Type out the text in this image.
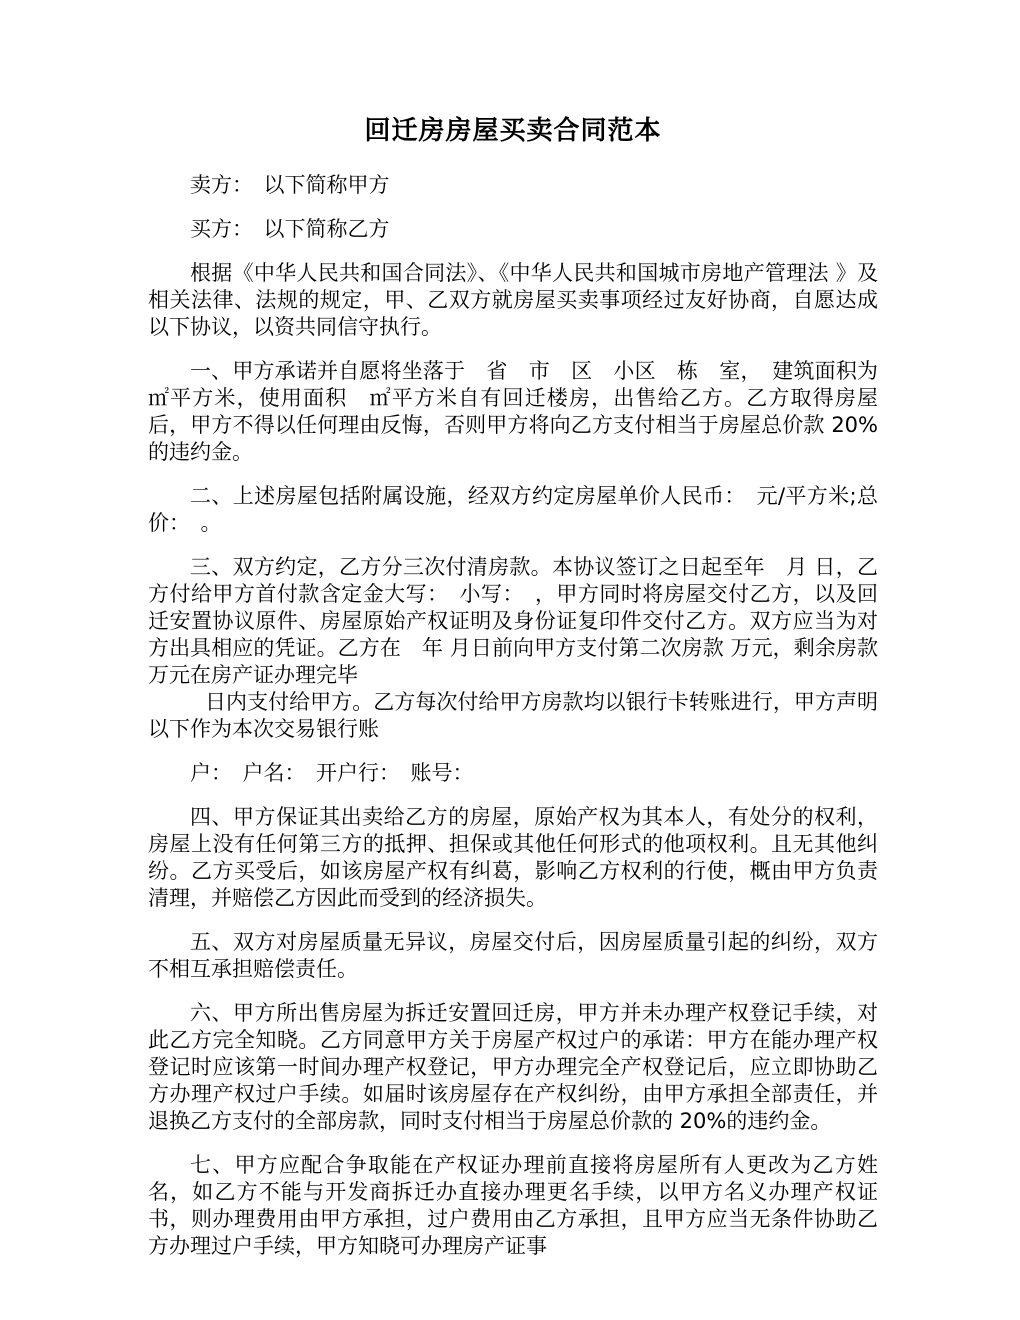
回迁房房屋买卖合同范本

卖方：　以下简称甲方

买方：　以下简称乙方

根据《中华人民共和国合同法》、《中华人民共和国城市房地产管理法 》及相关法律、法规的规定，甲、乙双方就房屋买卖事项经过友好协商，自愿达成以下协议，以资共同信守执行。

一、甲方承诺并自愿将坐落于　省　市　区　小区　栋　室，　建筑面积为　㎡平方米，使用面积　㎡平方米自有回迁楼房，出售给乙方。乙方取得房屋后，甲方不得以任何理由反悔，否则甲方将向乙方支付相当于房屋总价款 20%的违约金。

二、上述房屋包括附属设施，经双方约定房屋单价人民币：　元/平方米;总价：　。

三、双方约定，乙方分三次付清房款。本协议签订之日起至年　月 日，乙方付给甲方首付款含定金大写：　小写：　，甲方同时将房屋交付乙方，以及回迁安置协议原件、房屋原始产权证明及身份证复印件交付乙方。双方应当为对方出具相应的凭证。乙方在　年 月日前向甲方支付第二次房款 万元，剩余房款 万元在房产证办理完毕

日内支付给甲方。乙方每次付给甲方房款均以银行卡转账进行，甲方声明以下作为本次交易银行账

户：　户名：　开户行：　账号：

四、甲方保证其出卖给乙方的房屋，原始产权为其本人，有处分的权利，房屋上没有任何第三方的抵押、担保或其他任何形式的他项权利。且无其他纠纷。乙方买受后，如该房屋产权有纠葛，影响乙方权利的行使，概由甲方负责清理，并赔偿乙方因此而受到的经济损失。

五、双方对房屋质量无异议，房屋交付后，因房屋质量引起的纠纷，双方不相互承担赔偿责任。

六、甲方所出售房屋为拆迁安置回迁房，甲方并未办理产权登记手续，对此乙方完全知晓。乙方同意甲方关于房屋产权过户的承诺：甲方在能办理产权登记时应该第一时间办理产权登记，甲方办理完全产权登记后，应立即协助乙方办理产权过户手续。如届时该房屋存在产权纠纷，由甲方承担全部责任，并退换乙方支付的全部房款，同时支付相当于房屋总价款的 20%的违约金。

七、甲方应配合争取能在产权证办理前直接将房屋所有人更改为乙方姓名，如乙方不能与开发商拆迁办直接办理更名手续，以甲方名义办理产权证书，则办理费用由甲方承担，过户费用由乙方承担，且甲方应当无条件协助乙方办理过户手续，甲方知晓可办理房产证事
